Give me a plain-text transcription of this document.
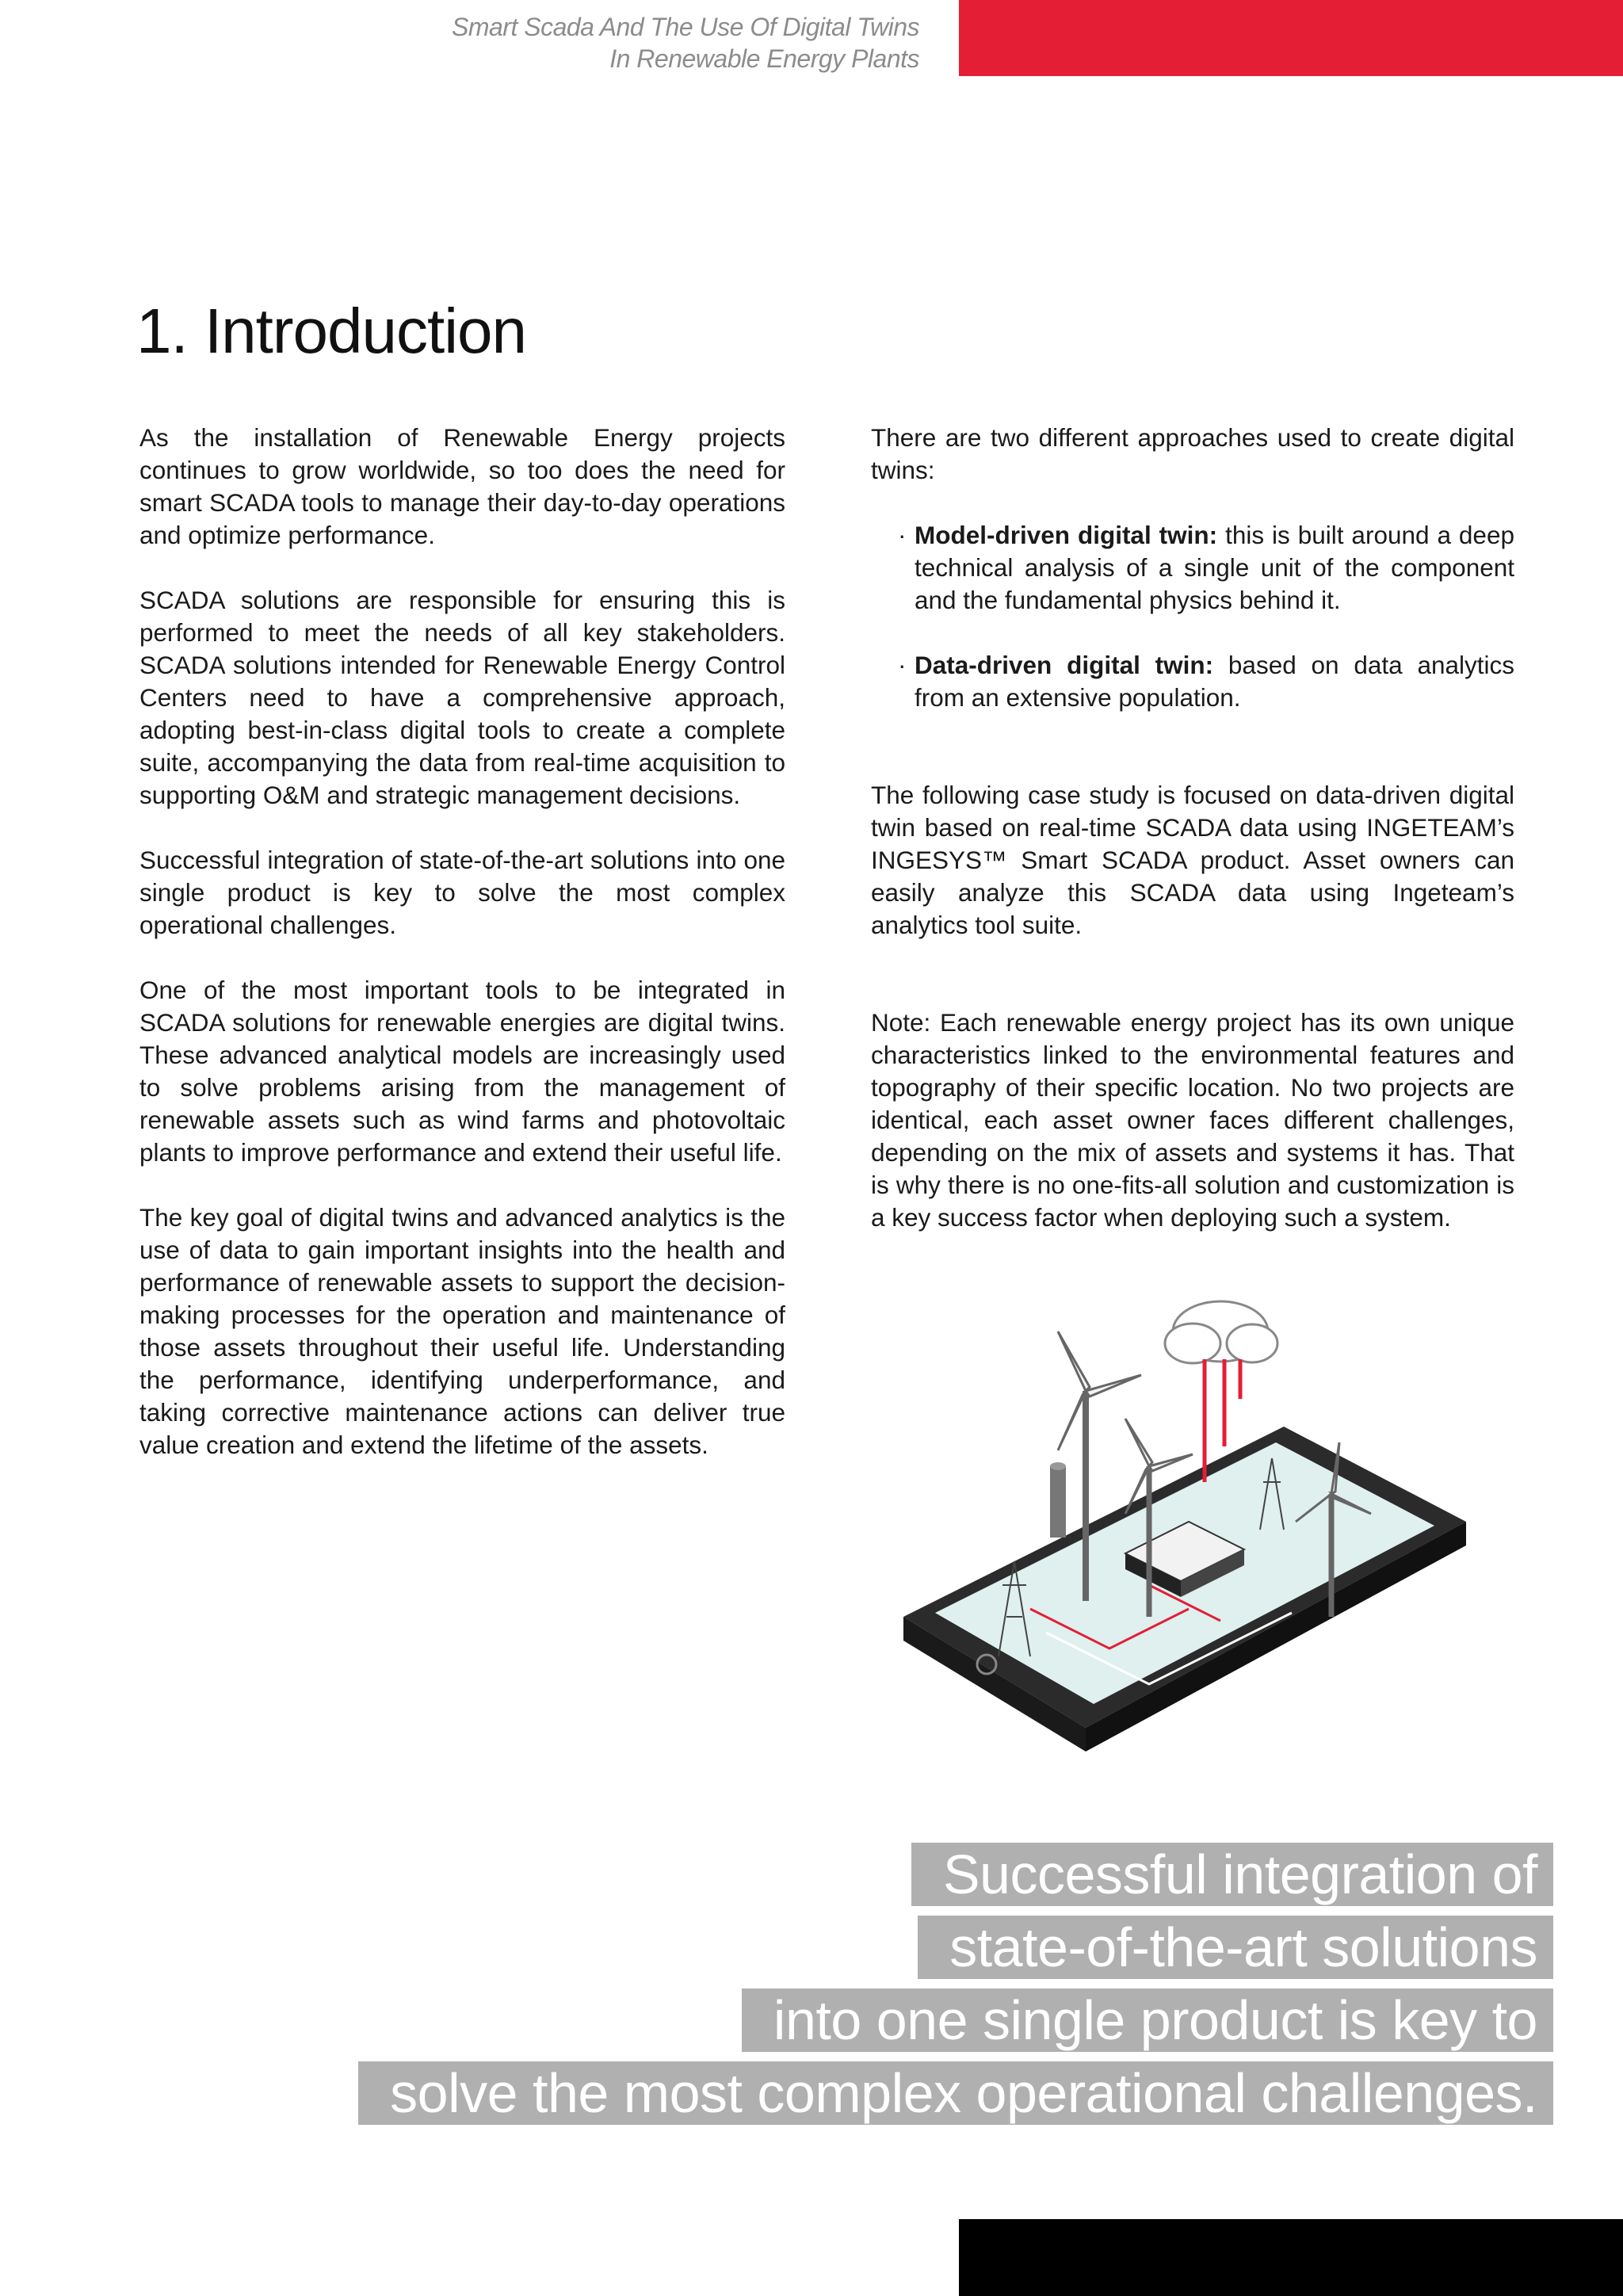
Smart Scada And The Use Of Digital Twins
In Renewable Energy Plants
1. Introduction

As the installation of Renewable Energy projects continues to grow worldwide, so too does the need for smart SCADA tools to manage their day-to-day operations and optimize performance.

SCADA solutions are responsible for ensuring this is performed to meet the needs of all key stakeholders. SCADA solutions intended for Renewable Energy Control Centers need to have a comprehensive approach, adopting best-in-class digital tools to create a complete suite, accompanying the data from real-time acquisition to supporting O&M and strategic management decisions.

Successful integration of state-of-the-art solutions into one single product is key to solve the most complex operational challenges.

One of the most important tools to be integrated in SCADA solutions for renewable energies are digital twins. These advanced analytical models are increasingly used to solve problems arising from the management of renewable assets such as wind farms and photovoltaic plants to improve performance and extend their useful life.

The key goal of digital twins and advanced analytics is the use of data to gain important insights into the health and performance of renewable assets to support the decision-making processes for the operation and maintenance of those assets throughout their useful life. Understanding the performance, identifying underperformance, and taking corrective maintenance actions can deliver true value creation and extend the lifetime of the assets.

There are two different approaches used to create digital twins:

· Model-driven digital twin: this is built around a deep technical analysis of a single unit of the component and the fundamental physics behind it.
· Data-driven digital twin: based on data analytics from an extensive population.

The following case study is focused on data-driven digital twin based on real-time SCADA data using INGETEAM’s INGESYS™ Smart SCADA product. Asset owners can easily analyze this SCADA data using Ingeteam’s analytics tool suite.

Note: Each renewable energy project has its own unique characteristics linked to the environmental features and topography of their specific location. No two projects are identical, each asset owner faces different challenges, depending on the mix of assets and systems it has. That is why there is no one-fits-all solution and customization is a key success factor when deploying such a system.

Successful integration of
state-of-the-art solutions
into one single product is key to
solve the most complex operational challenges.
